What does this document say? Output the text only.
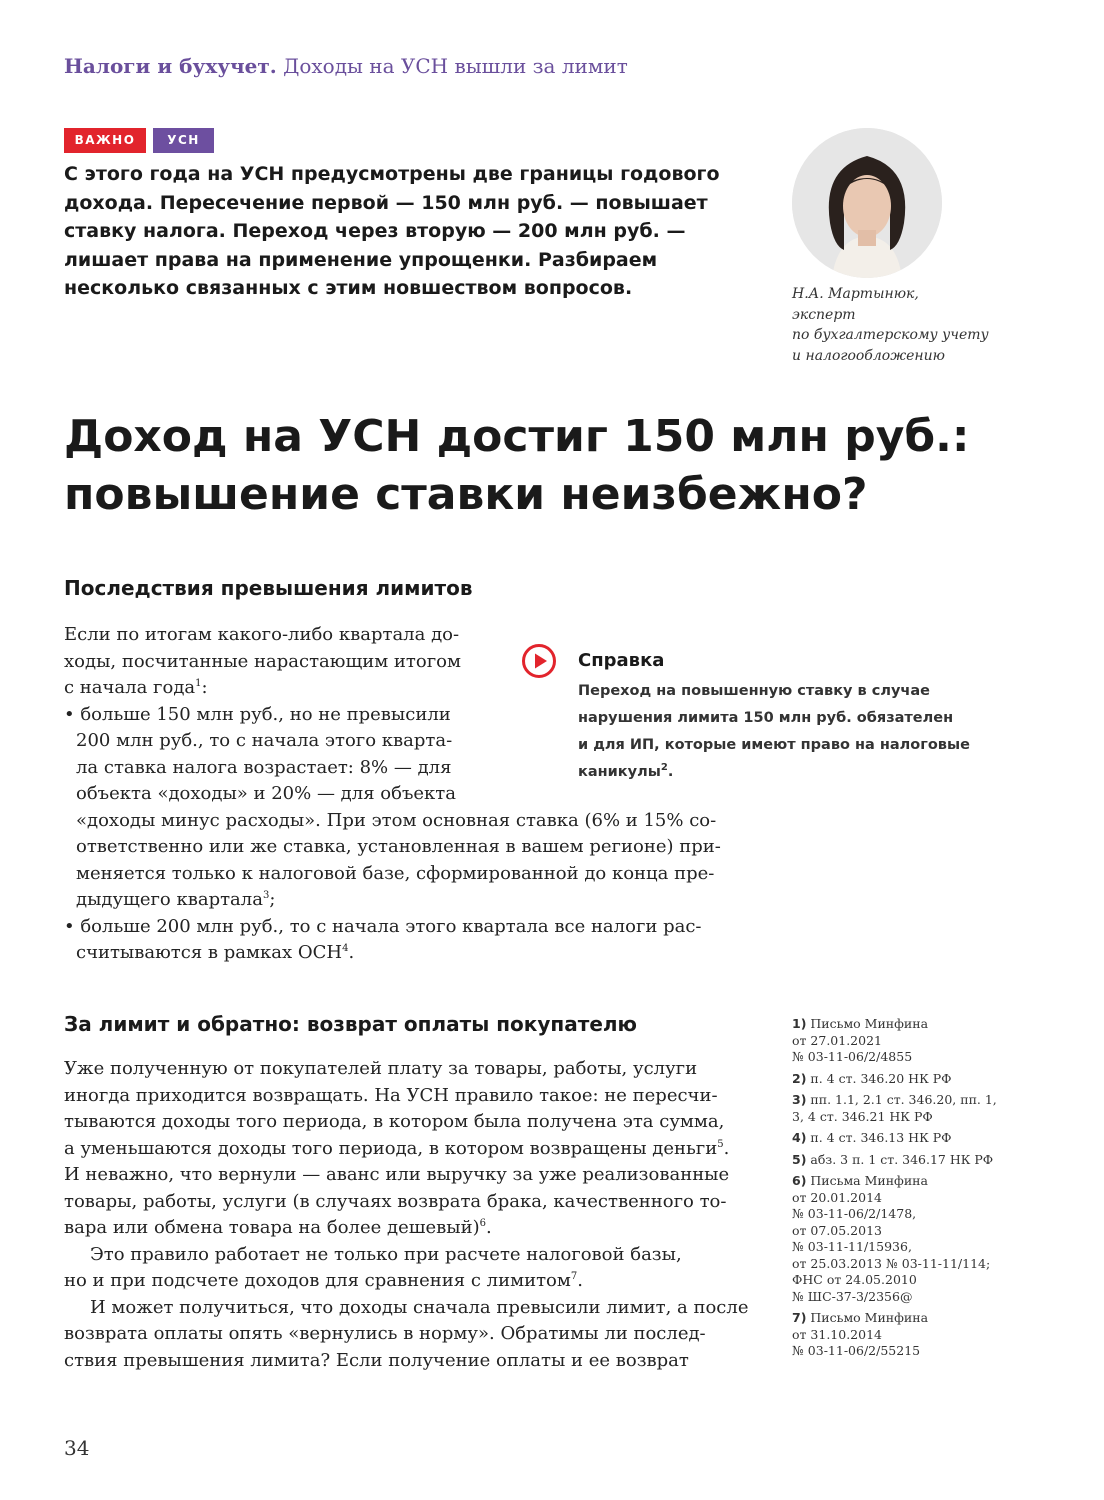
Налоги и бухучет. Доходы на УСН вышли за лимит
ВАЖНО	УСН
С этого года на УСН предусмотрены две границы годового
дохода. Пересечение первой — 150 млн руб. — повышает
ставку налога. Переход через вторую — 200 млн руб. —
лишает права на применение упрощенки. Разбираем
несколько связанных с этим новшеством вопросов.	Н.А. Мартынюк,
эксперт
по бухгалтерскому учету
и налогообложению
Доход на УСН достиг 150 млн руб.:
повышение ставки неизбежно?
Последствия превышения лимитов
Если по итогам какого-либо квартала до-
ходы, посчитанные нарастающим итогом
с начала года$^1$:
• больше 150 млн руб., но не превысили
200 млн руб., то с начала этого кварта-
ла ставка налога возрастает: 8% — для
объекта «доходы» и 20% — для объекта
«доходы минус расходы». При этом основная ставка (6% и 15% со-
ответственно или же ставка, установленная в вашем регионе) при-
меняется только к налоговой базе, сформированной до конца пре-
дыдущего квартала$^3$;
• больше 200 млн руб., то с начала этого квартала все налоги рас-
считываются в рамках ОСН$^4$.
Справка
Переход на повышенную ставку в случае
нарушения лимита 150 млн руб. обязателен
и для ИП, которые имеют право на налоговые
каникулы$^2$.
За лимит и обратно: возврат оплаты покупателю
Уже полученную от покупателей плату за товары, работы, услуги
иногда приходится возвращать. На УСН правило такое: не пересчи-
тываются доходы того периода, в котором была получена эта сумма,
а уменьшаются доходы того периода, в котором возвращены деньги$^5$.
И неважно, что вернули — аванс или выручку за уже реализованные
товары, работы, услуги (в случаях возврата брака, качественного то-
вара или обмена товара на более дешевый)$^6$.
Это правило работает не только при расчете налоговой базы,
но и при подсчете доходов для сравнения с лимитом$^7$.
И может получиться, что доходы сначала превысили лимит, а после
возврата оплаты опять «вернулись в норму». Обратимы ли послед-
ствия превышения лимита? Если получение оплаты и ее возврат
1) Письмо Минфина
от 27.01.2021
№ 03-11-06/2/4855
2) п. 4 ст. 346.20 НК РФ
3) пп. 1.1, 2.1 ст. 346.20, пп. 1,
3, 4 ст. 346.21 НК РФ
4) п. 4 ст. 346.13 НК РФ
5) абз. 3 п. 1 ст. 346.17 НК РФ
6) Письма Минфина
от 20.01.2014
№ 03-11-06/2/1478,
от 07.05.2013
№ 03-11-11/15936,
от 25.03.2013 № 03-11-11/114;
ФНС от 24.05.2010
№ ШС-37-3/2356@
7) Письмо Минфина
от 31.10.2014
№ 03-11-06/2/55215
34
